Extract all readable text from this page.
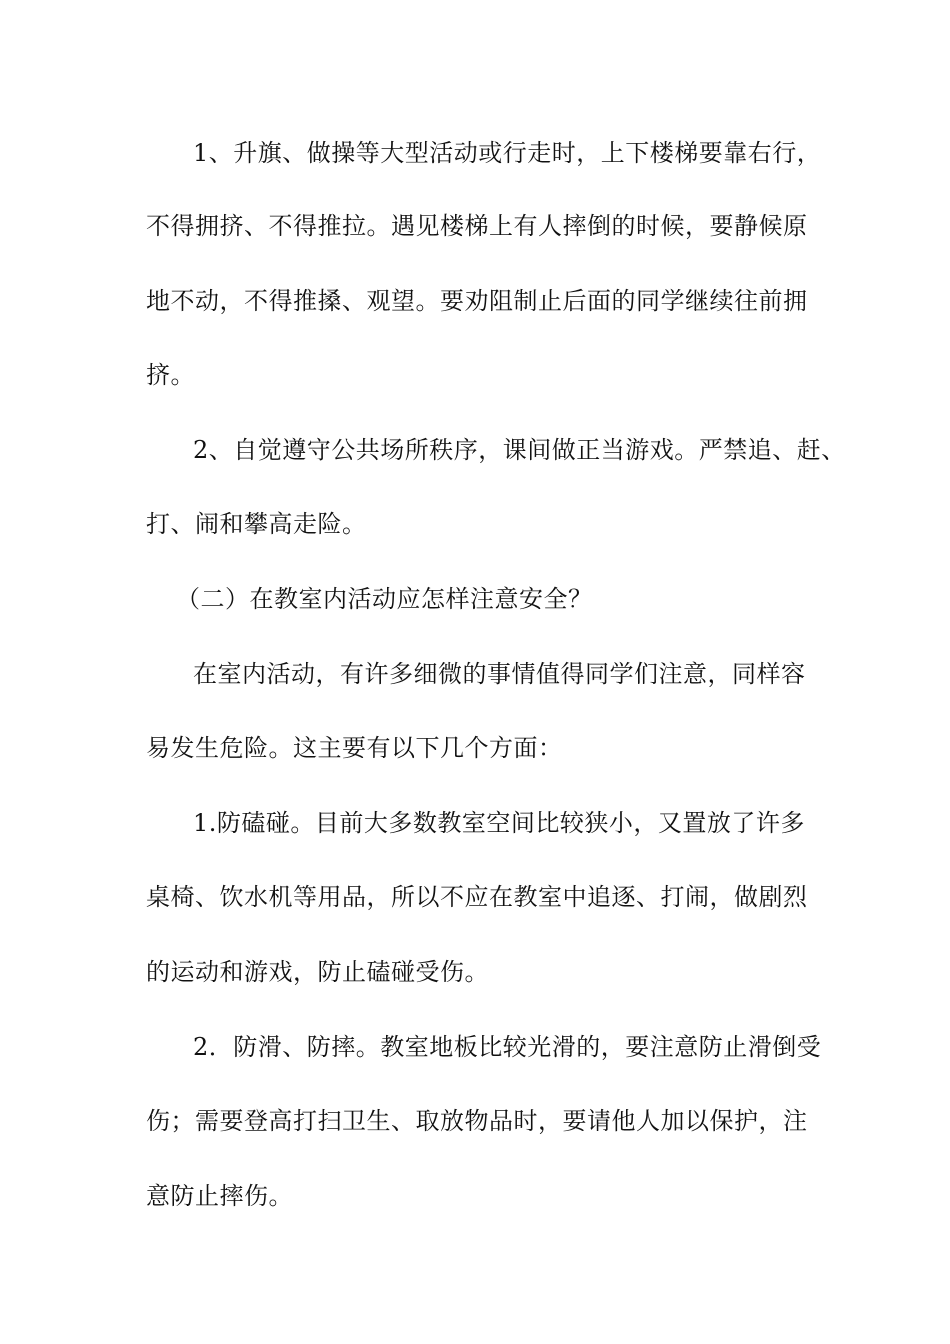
1、升旗、做操等大型活动或行走时，上下楼梯要靠右行，
不得拥挤、不得推拉。遇见楼梯上有人摔倒的时候，要静候原
地不动，不得推搡、观望。要劝阻制止后面的同学继续往前拥
挤。
2、自觉遵守公共场所秩序，课间做正当游戏。严禁追、赶、
打、闹和攀高走险。
（二）在教室内活动应怎样注意安全？
在室内活动，有许多细微的事情值得同学们注意，同样容
易发生危险。这主要有以下几个方面：
1.防磕碰。目前大多数教室空间比较狭小，又置放了许多
桌椅、饮水机等用品，所以不应在教室中追逐、打闹，做剧烈
的运动和游戏，防止磕碰受伤。
2．防滑、防摔。教室地板比较光滑的，要注意防止滑倒受
伤；需要登高打扫卫生、取放物品时，要请他人加以保护，注
意防止摔伤。
